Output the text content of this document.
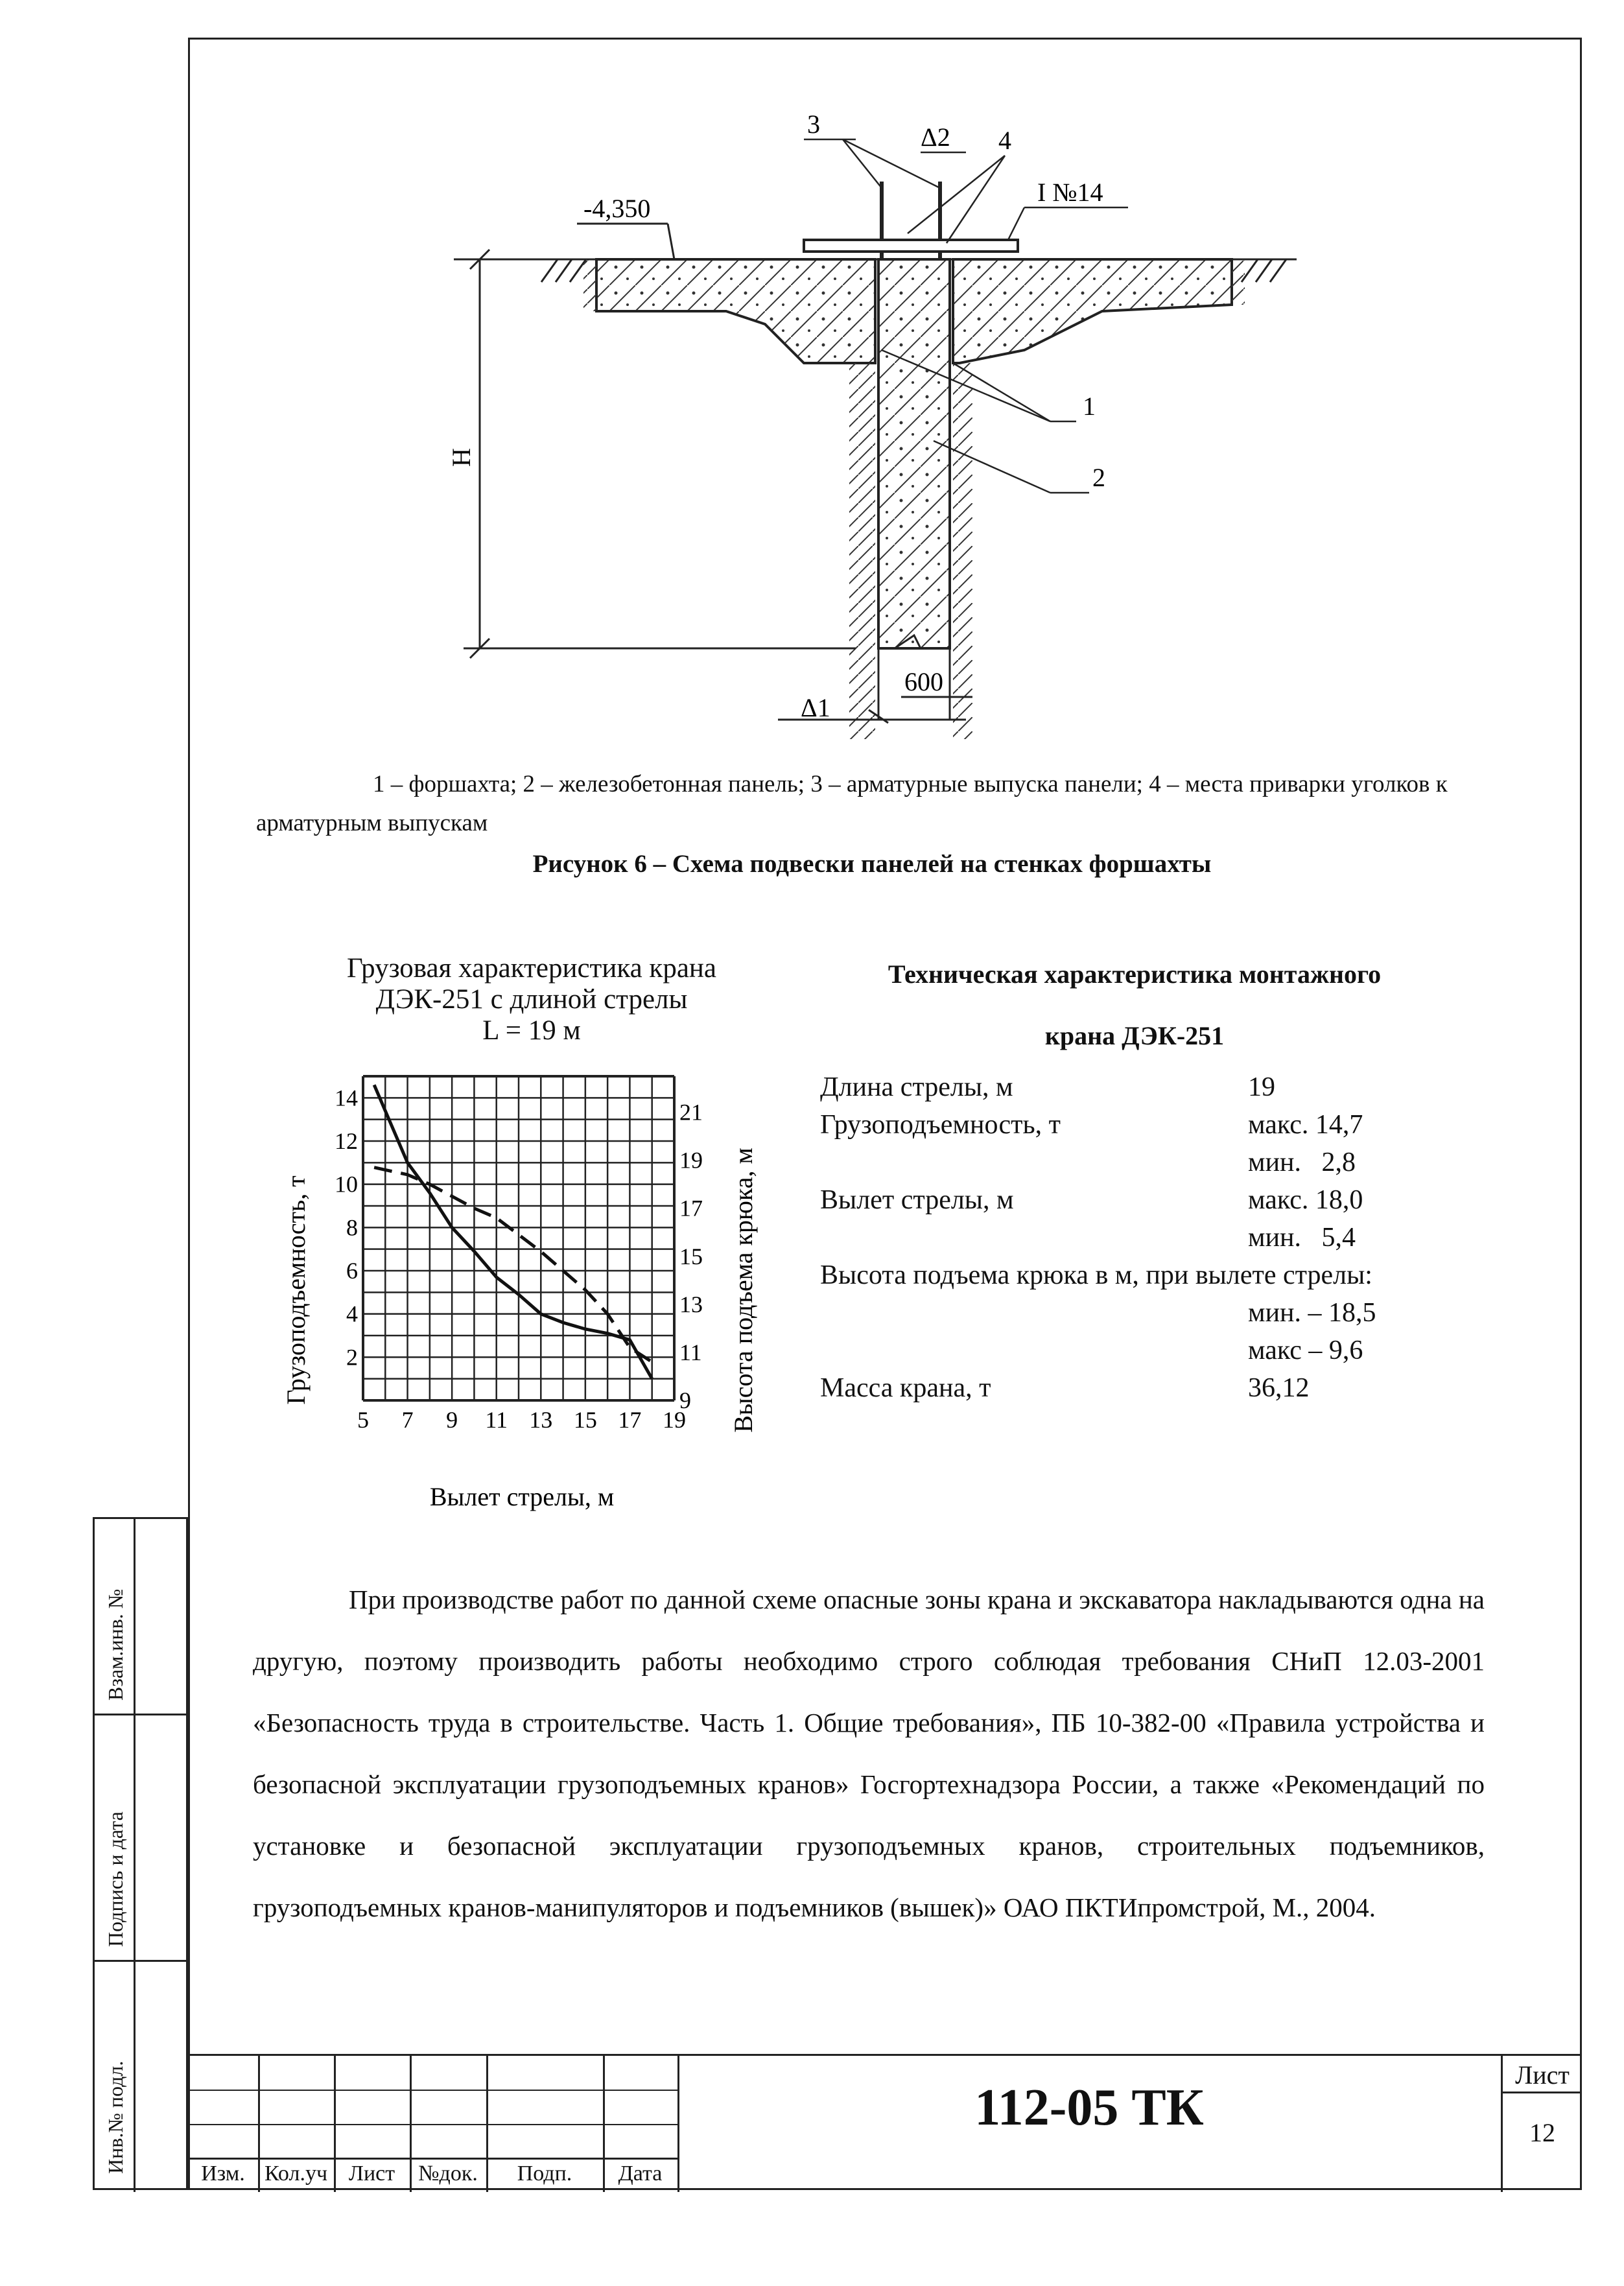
Взам.инв. №
Подпись и дата
Инв.№ подл.
-4,350
I №14
3	Δ2 4
1
2
H
600
Δ1
1 – форшахта; 2 – железобетонная панель; 3 – арматурные выпуска панели; 4 – места приварки уголков к арматурным выпускам
Рисунок 6 – Схема подвески панелей на стенках форшахты
Грузовая характеристика крана
ДЭК-251 с длиной стрелы
L = 19 м
5 7 9 11 13 15 17 19
2
4
6
8
10
12
14
9
11
13
15
17
19
21
Вылет стрелы, м
Грузоподъемность, т	Высота подъема крюка, м
Техническая характеристика монтажного
крана ДЭК-251
Длина стрелы, м	19
Грузоподъемность, т	макс. 14,7
мин.   2,8
Вылет стрелы, м	макс. 18,0
мин.   5,4
Высота подъема крюка в м, при вылете стрелы:
мин. – 18,5
макс – 9,6
Масса крана, т	36,12
При производстве работ по данной схеме опасные зоны крана и экскаватора накладываются одна на другую, поэтому производить работы необходимо строго соблюдая требования СНиП 12.03-2001 «Безопасность труда в строительстве. Часть 1. Общие требования», ПБ 10-382-00 «Правила устройства и безопасной эксплуатации грузоподъемных кранов» Госгортехнадзора России, а также «Рекомендаций по установке и безопасной эксплуатации грузоподъемных кранов, строительных подъемников, грузоподъемных кранов-манипуляторов и подъемников (вышек)» ОАО ПКТИпромстрой, М., 2004.
Изм. Кол.уч Лист	№док.	Подп.	Дата
112-05 ТК
Лист
12
